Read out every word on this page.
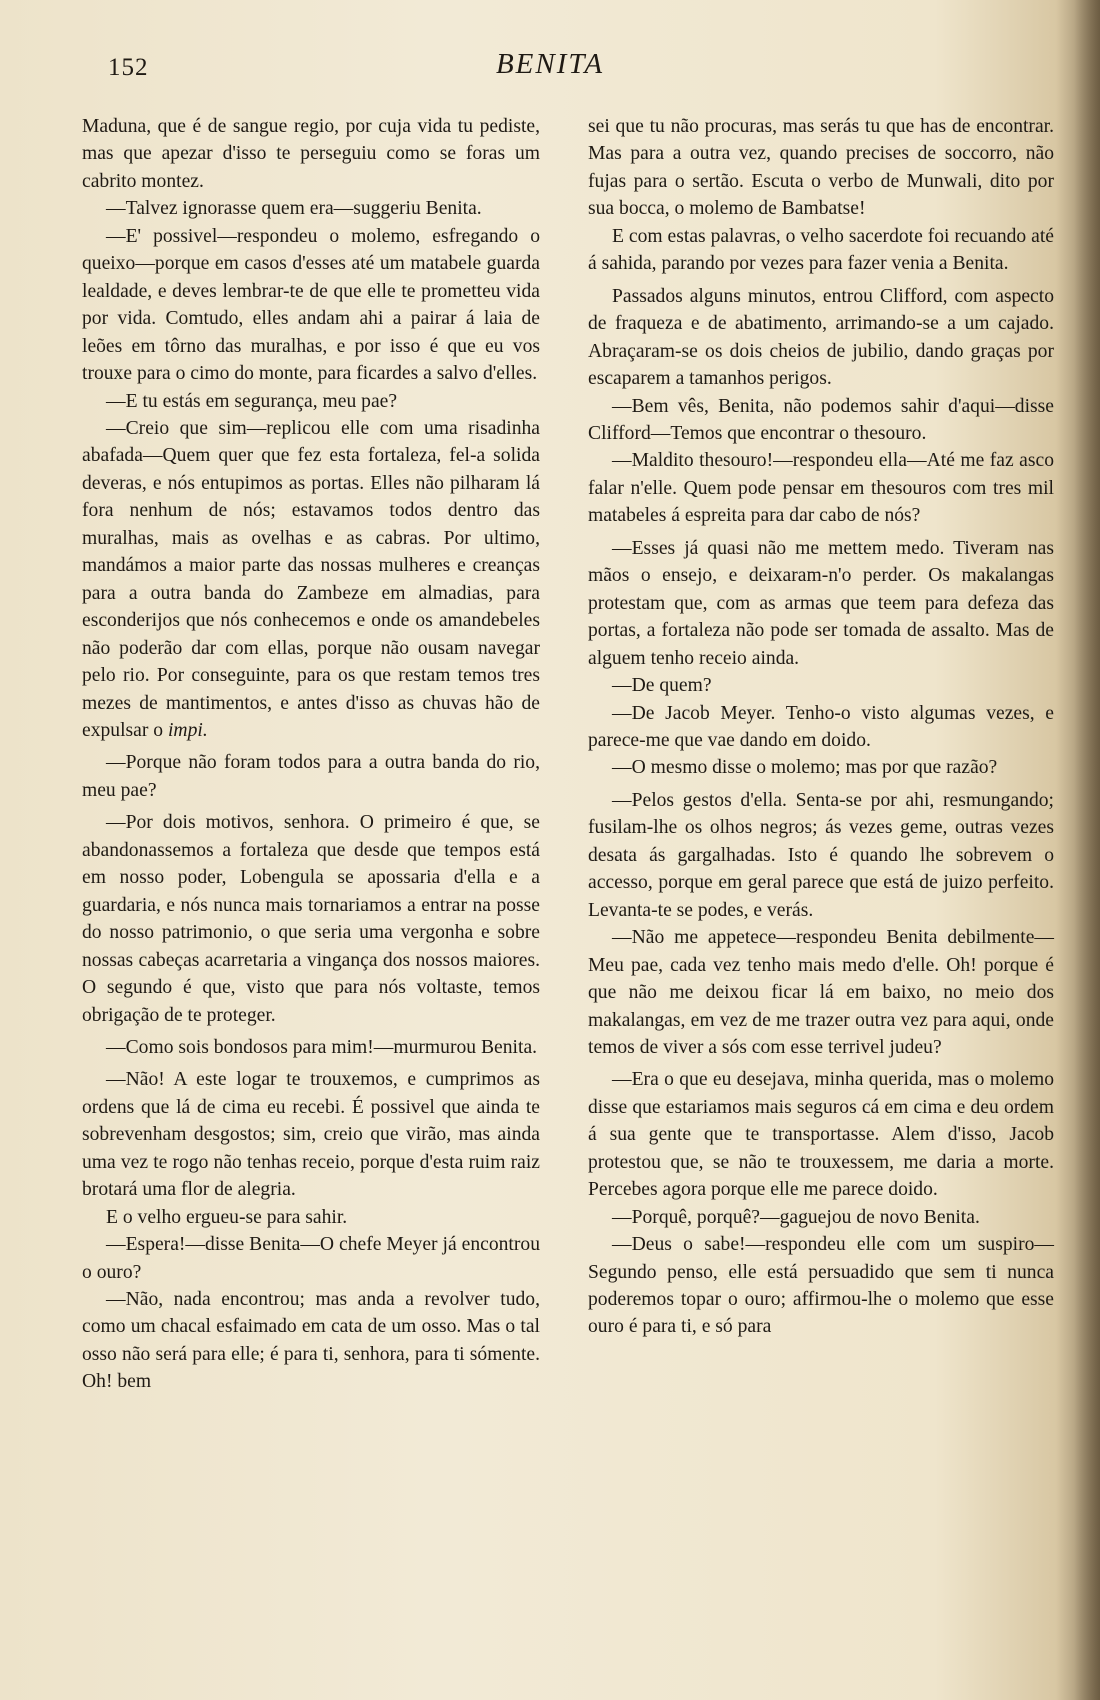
152	BENITA

Maduna, que é de sangue regio, por cuja vida tu pediste, mas que apezar d'isso te perseguiu como se foras um cabrito montez.

—Talvez ignorasse quem era—suggeriu Benita.

—E' possivel—respondeu o molemo, esfregando o queixo—porque em casos d'esses até um matabele guarda lealdade, e deves lembrar-te de que elle te prometteu vida por vida. Comtudo, elles andam ahi a pairar á laia de leões em tôrno das muralhas, e por isso é que eu vos trouxe para o cimo do monte, para ficardes a salvo d'elles.

—E tu estás em segurança, meu pae?

—Creio que sim—replicou elle com uma risadinha abafada—Quem quer que fez esta fortaleza, fel-a solida deveras, e nós entupimos as portas. Elles não pilharam lá fora nenhum de nós; estavamos todos dentro das muralhas, mais as ovelhas e as cabras. Por ultimo, mandámos a maior parte das nossas mulheres e creanças para a outra banda do Zambeze em almadias, para esconderijos que nós conhecemos e onde os amandebeles não poderão dar com ellas, porque não ousam navegar pelo rio. Por conseguinte, para os que restam temos tres mezes de mantimentos, e antes d'isso as chuvas hão de expulsar o impi.

—Porque não foram todos para a outra banda do rio, meu pae?

—Por dois motivos, senhora. O primeiro é que, se abandonassemos a fortaleza que desde que tempos está em nosso poder, Lobengula se apossaria d'ella e a guardaria, e nós nunca mais tornariamos a entrar na posse do nosso patrimonio, o que seria uma vergonha e sobre nossas cabeças acarretaria a vingança dos nossos maiores. O segundo é que, visto que para nós voltaste, temos obrigação de te proteger.

—Como sois bondosos para mim!—murmurou Benita.

—Não! A este logar te trouxemos, e cumprimos as ordens que lá de cima eu recebi. É possivel que ainda te sobrevenham desgostos; sim, creio que virão, mas ainda uma vez te rogo não tenhas receio, porque d'esta ruim raiz brotará uma flor de alegria.

E o velho ergueu-se para sahir.

—Espera!—disse Benita—O chefe Meyer já encontrou o ouro?

—Não, nada encontrou; mas anda a revolver tudo, como um chacal esfaimado em cata de um osso. Mas o tal osso não será para elle; é para ti, senhora, para ti sómente. Oh! bem

sei que tu não procuras, mas serás tu que has de encontrar. Mas para a outra vez, quando precises de soccorro, não fujas para o sertão. Escuta o verbo de Munwali, dito por sua bocca, o molemo de Bambatse!

E com estas palavras, o velho sacerdote foi recuando até á sahida, parando por vezes para fazer venia a Benita.

Passados alguns minutos, entrou Clifford, com aspecto de fraqueza e de abatimento, arrimando-se a um cajado. Abraçaram-se os dois cheios de jubilio, dando graças por escaparem a tamanhos perigos.

—Bem vês, Benita, não podemos sahir d'aqui—disse Clifford—Temos que encontrar o thesouro.

—Maldito thesouro!—respondeu ella—Até me faz asco falar n'elle. Quem pode pensar em thesouros com tres mil matabeles á espreita para dar cabo de nós?

—Esses já quasi não me mettem medo. Tiveram nas mãos o ensejo, e deixaram-n'o perder. Os makalangas protestam que, com as armas que teem para defeza das portas, a fortaleza não pode ser tomada de assalto. Mas de alguem tenho receio ainda.

—De quem?

—De Jacob Meyer. Tenho-o visto algumas vezes, e parece-me que vae dando em doido.

—O mesmo disse o molemo; mas por que razão?

—Pelos gestos d'ella. Senta-se por ahi, resmungando; fusilam-lhe os olhos negros; ás vezes geme, outras vezes desata ás gargalhadas. Isto é quando lhe sobrevem o accesso, porque em geral parece que está de juizo perfeito. Levanta-te se podes, e verás.

—Não me appetece—respondeu Benita debilmente—Meu pae, cada vez tenho mais medo d'elle. Oh! porque é que não me deixou ficar lá em baixo, no meio dos makalangas, em vez de me trazer outra vez para aqui, onde temos de viver a sós com esse terrivel judeu?

—Era o que eu desejava, minha querida, mas o molemo disse que estariamos mais seguros cá em cima e deu ordem á sua gente que te transportasse. Alem d'isso, Jacob protestou que, se não te trouxessem, me daria a morte. Percebes agora porque elle me parece doido.

—Porquê, porquê?—gaguejou de novo Benita.

—Deus o sabe!—respondeu elle com um suspiro—Segundo penso, elle está persuadido que sem ti nunca poderemos topar o ouro; affirmou-lhe o molemo que esse ouro é para ti, e só para
